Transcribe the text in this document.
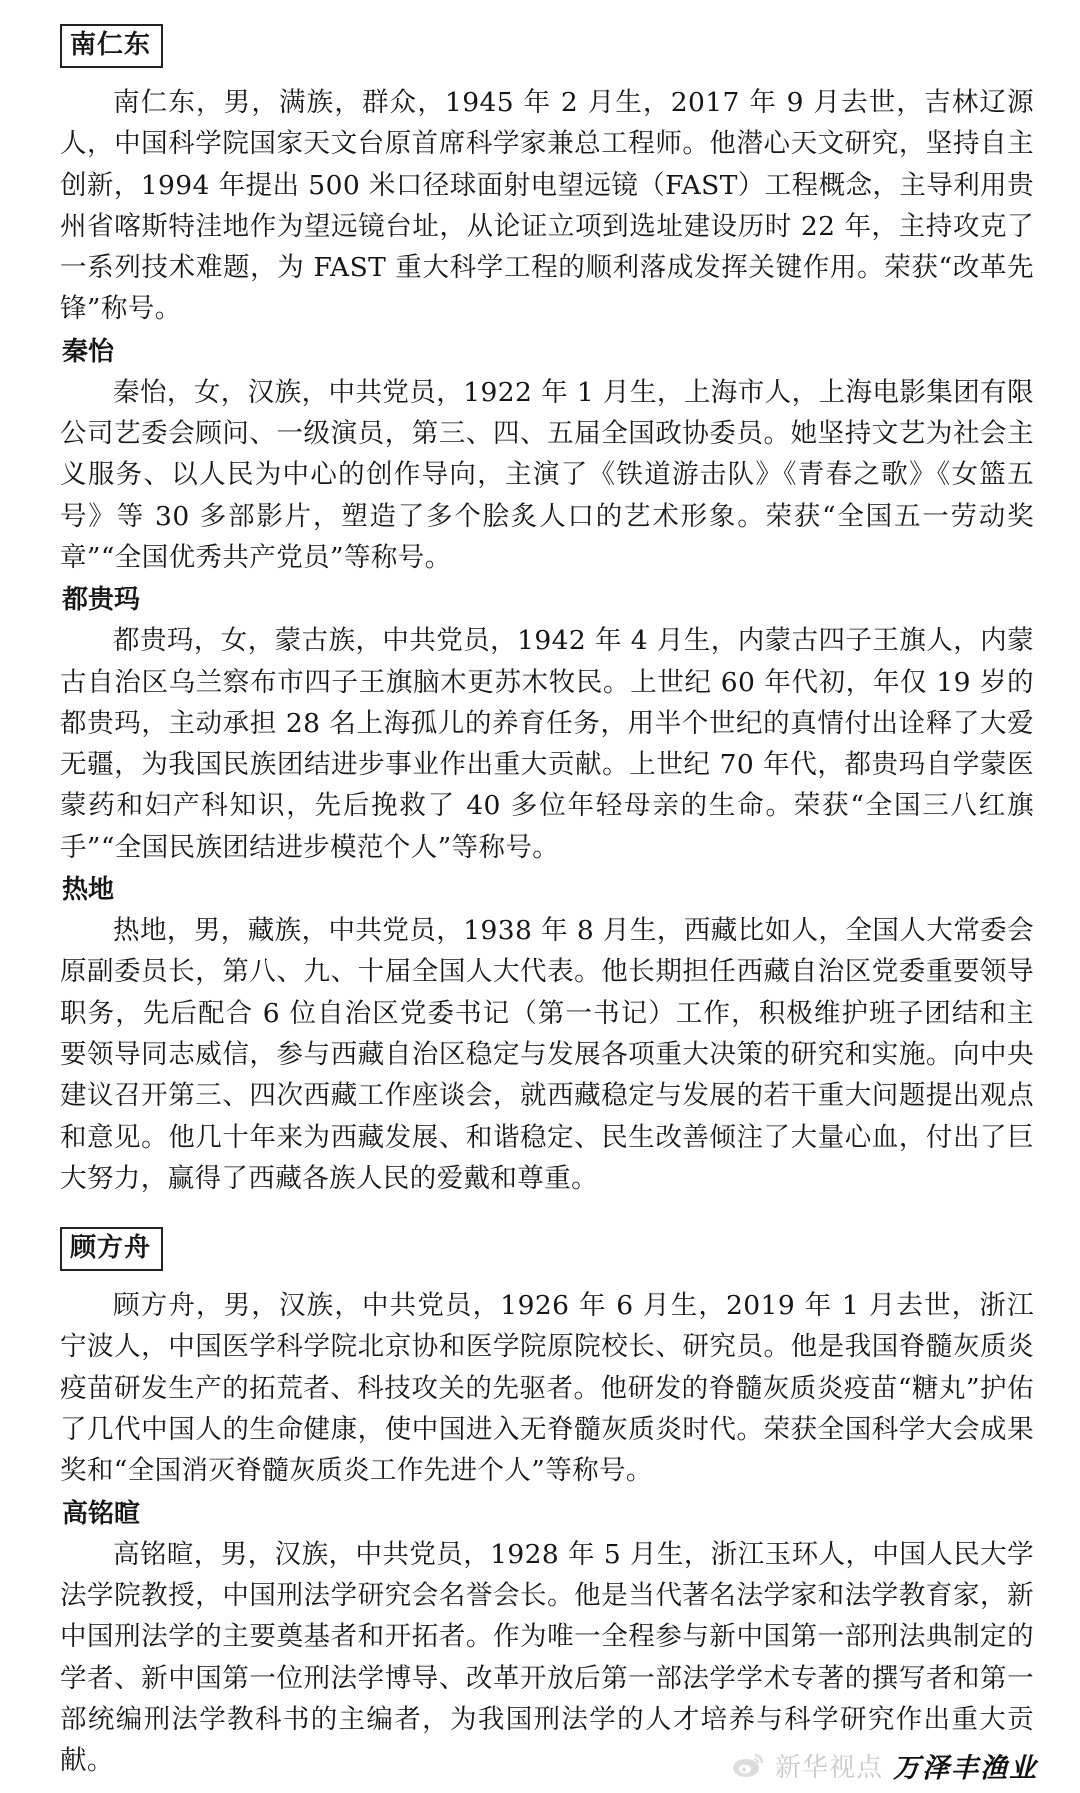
南仁东

南仁东，男，满族，群众，1945 年 2 月生，2017 年 9 月去世，吉林辽源人，中国科学院国家天文台原首席科学家兼总工程师。他潜心天文研究，坚持自主创新，1994 年提出 500 米口径球面射电望远镜（FAST）工程概念，主导利用贵州省喀斯特洼地作为望远镜台址，从论证立项到选址建设历时 22 年，主持攻克了一系列技术难题，为 FAST 重大科学工程的顺利落成发挥关键作用。荣获“改革先锋”称号。

秦怡

秦怡，女，汉族，中共党员，1922 年 1 月生，上海市人，上海电影集团有限公司艺委会顾问、一级演员，第三、四、五届全国政协委员。她坚持文艺为社会主义服务、以人民为中心的创作导向，主演了《铁道游击队》《青春之歌》《女篮五号》等 30 多部影片，塑造了多个脍炙人口的艺术形象。荣获“全国五一劳动奖章”“全国优秀共产党员”等称号。

都贵玛

都贵玛，女，蒙古族，中共党员，1942 年 4 月生，内蒙古四子王旗人，内蒙古自治区乌兰察布市四子王旗脑木更苏木牧民。上世纪 60 年代初，年仅 19 岁的都贵玛，主动承担 28 名上海孤儿的养育任务，用半个世纪的真情付出诠释了大爱无疆，为我国民族团结进步事业作出重大贡献。上世纪 70 年代，都贵玛自学蒙医蒙药和妇产科知识，先后挽救了 40 多位年轻母亲的生命。荣获“全国三八红旗手”“全国民族团结进步模范个人”等称号。

热地

热地，男，藏族，中共党员，1938 年 8 月生，西藏比如人，全国人大常委会原副委员长，第八、九、十届全国人大代表。他长期担任西藏自治区党委重要领导职务，先后配合 6 位自治区党委书记（第一书记）工作，积极维护班子团结和主要领导同志威信，参与西藏自治区稳定与发展各项重大决策的研究和实施。向中央建议召开第三、四次西藏工作座谈会，就西藏稳定与发展的若干重大问题提出观点和意见。他几十年来为西藏发展、和谐稳定、民生改善倾注了大量心血，付出了巨大努力，赢得了西藏各族人民的爱戴和尊重。

顾方舟

顾方舟，男，汉族，中共党员，1926 年 6 月生，2019 年 1 月去世，浙江宁波人，中国医学科学院北京协和医学院原院校长、研究员。他是我国脊髓灰质炎疫苗研发生产的拓荒者、科技攻关的先驱者。他研发的脊髓灰质炎疫苗“糖丸”护佑了几代中国人的生命健康，使中国进入无脊髓灰质炎时代。荣获全国科学大会成果奖和“全国消灭脊髓灰质炎工作先进个人”等称号。

高铭暄

高铭暄，男，汉族，中共党员，1928 年 5 月生，浙江玉环人，中国人民大学法学院教授，中国刑法学研究会名誉会长。他是当代著名法学家和法学教育家，新中国刑法学的主要奠基者和开拓者。作为唯一全程参与新中国第一部刑法典制定的学者、新中国第一位刑法学博导、改革开放后第一部法学学术专著的撰写者和第一部统编刑法学教科书的主编者，为我国刑法学的人才培养与科学研究作出重大贡献。	新华视点 万泽丰渔业
